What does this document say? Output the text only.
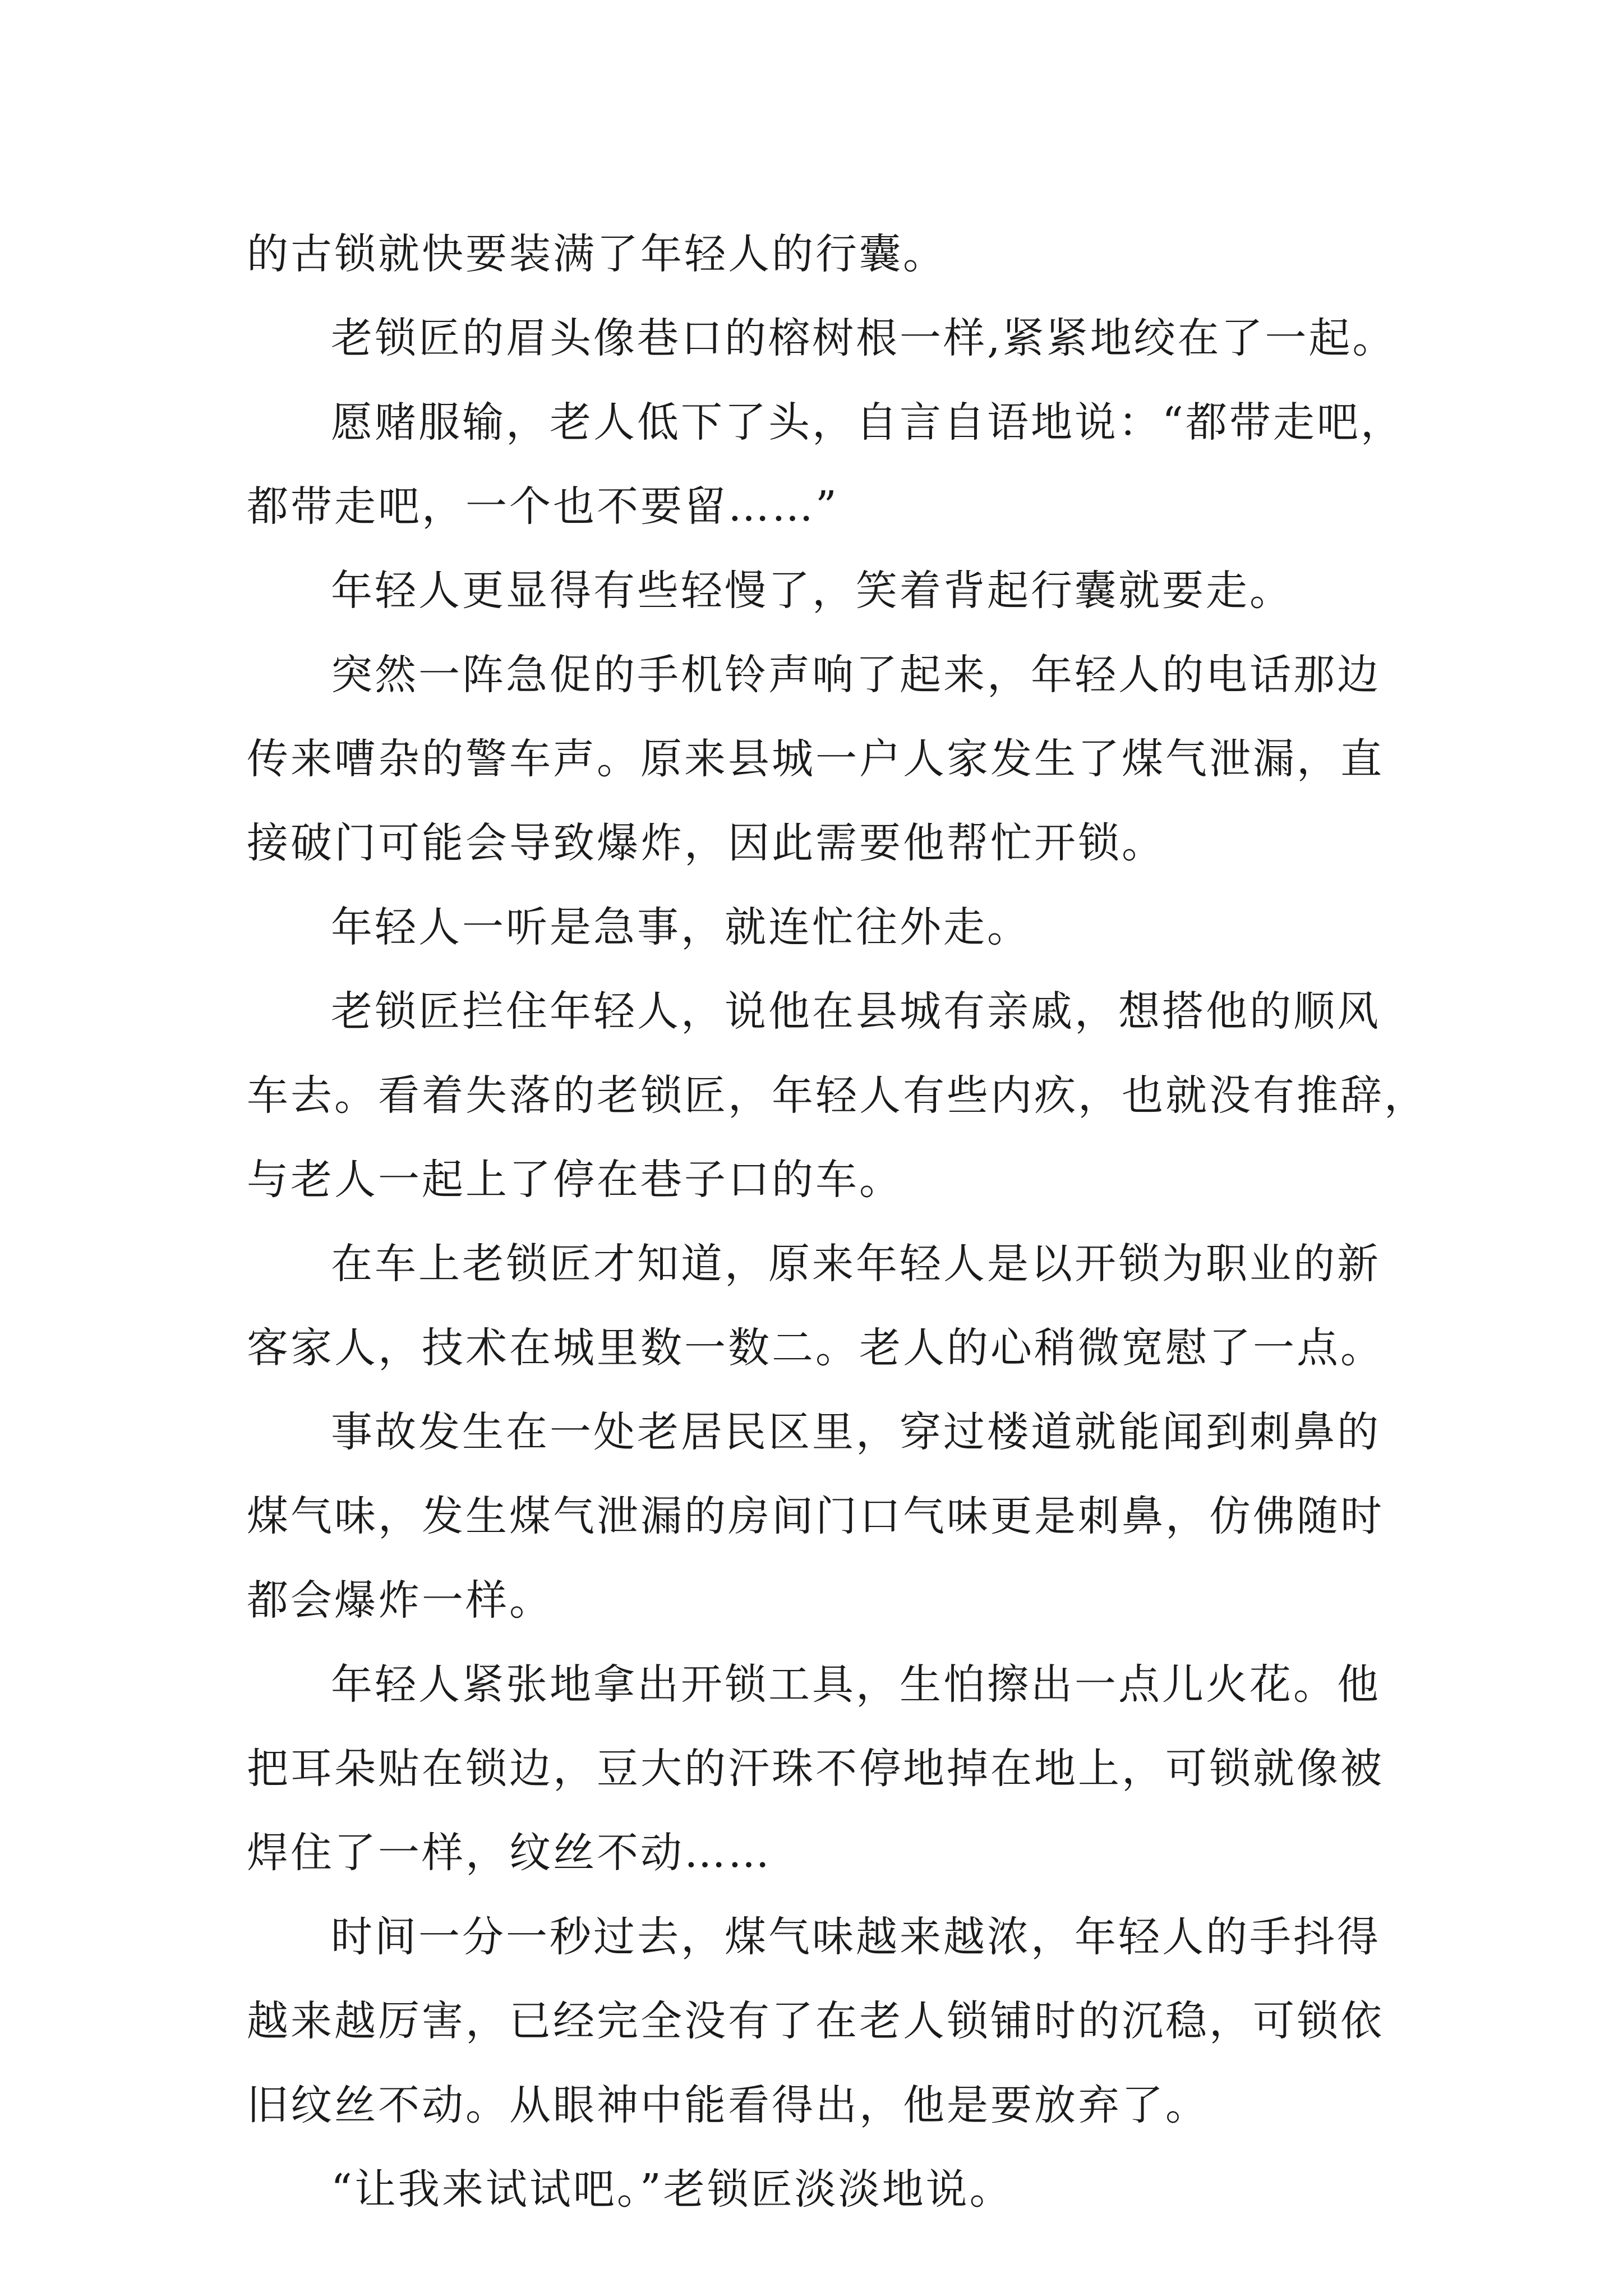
的古锁就快要装满了年轻人的行囊。
老锁匠的眉头像巷口的榕树根一样,紧紧地绞在了一起。
愿赌服输，老人低下了头，自言自语地说：“都带走吧，
都带走吧，一个也不要留……”
年轻人更显得有些轻慢了，笑着背起行囊就要走。
突然一阵急促的手机铃声响了起来，年轻人的电话那边
传来嘈杂的警车声。原来县城一户人家发生了煤气泄漏，直
接破门可能会导致爆炸，因此需要他帮忙开锁。
年轻人一听是急事，就连忙往外走。
老锁匠拦住年轻人，说他在县城有亲戚，想搭他的顺风
车去。看着失落的老锁匠，年轻人有些内疚，也就没有推辞，
与老人一起上了停在巷子口的车。
在车上老锁匠才知道，原来年轻人是以开锁为职业的新
客家人，技术在城里数一数二。老人的心稍微宽慰了一点。
事故发生在一处老居民区里，穿过楼道就能闻到刺鼻的
煤气味，发生煤气泄漏的房间门口气味更是刺鼻，仿佛随时
都会爆炸一样。
年轻人紧张地拿出开锁工具，生怕擦出一点儿火花。他
把耳朵贴在锁边，豆大的汗珠不停地掉在地上，可锁就像被
焊住了一样，纹丝不动……
时间一分一秒过去，煤气味越来越浓，年轻人的手抖得
越来越厉害，已经完全没有了在老人锁铺时的沉稳，可锁依
旧纹丝不动。从眼神中能看得出，他是要放弃了。
“让我来试试吧。”老锁匠淡淡地说。
